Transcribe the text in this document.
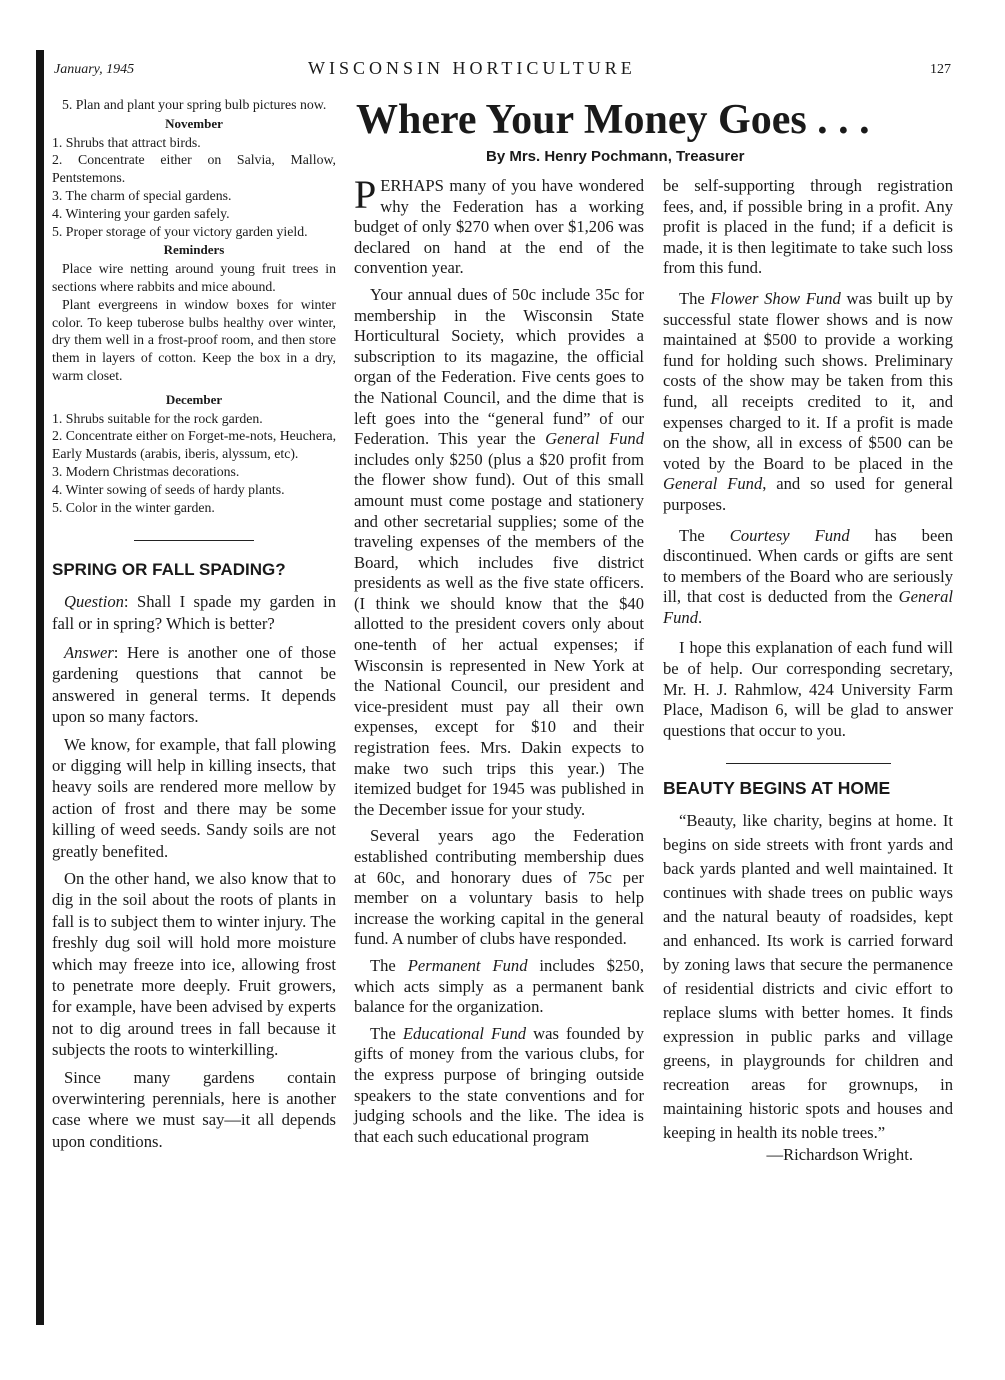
January, 1945	WISCONSIN HORTICULTURE	127

5. Plan and plant your spring bulb pictures now.

November

1. Shrubs that attract birds.

2. Concentrate either on Salvia, Mallow, Pentstemons.

3. The charm of special gardens.

4. Wintering your garden safely.

5. Proper storage of your victory garden yield.

Reminders

Place wire netting around young fruit trees in sections where rabbits and mice abound.

Plant evergreens in window boxes for winter color. To keep tuberose bulbs healthy over winter, dry them well in a frost-proof room, and then store them in layers of cotton. Keep the box in a dry, warm closet.

December

1. Shrubs suitable for the rock garden.

2. Concentrate either on Forget-me-nots, Heuchera, Early Mustards (arabis, iberis, alyssum, etc).

3. Modern Christmas decorations.

4. Winter sowing of seeds of hardy plants.

5. Color in the winter garden.

SPRING OR FALL SPADING?

Question: Shall I spade my garden in fall or in spring? Which is better?

Answer: Here is another one of those gardening questions that cannot be answered in general terms. It depends upon so many factors.

We know, for example, that fall plowing or digging will help in killing insects, that heavy soils are rendered more mellow by action of frost and there may be some killing of weed seeds. Sandy soils are not greatly benefited.

On the other hand, we also know that to dig in the soil about the roots of plants in fall is to subject them to winter injury. The freshly dug soil will hold more moisture which may freeze into ice, allowing frost to penetrate more deeply. Fruit growers, for example, have been advised by experts not to dig around trees in fall because it subjects the roots to winterkilling.

Since many gardens contain overwintering perennials, here is another case where we must say—it all depends upon conditions.

Where Your Money Goes . . .
By Mrs. Henry Pochmann, Treasurer

PERHAPS many of you have wondered why the Federation has a working budget of only $270 when over $1,206 was declared on hand at the end of the convention year.

Your annual dues of 50c include 35c for membership in the Wisconsin State Horticultural Society, which provides a subscription to its magazine, the official organ of the Federation. Five cents goes to the National Council, and the dime that is left goes into the “general fund” of our Federation. This year the General Fund includes only $250 (plus a $20 profit from the flower show fund). Out of this small amount must come postage and stationery and other secretarial supplies; some of the traveling expenses of the members of the Board, which includes five district presidents as well as the five state officers. (I think we should know that the $40 allotted to the president covers only about one-tenth of her actual expenses; if Wisconsin is represented in New York at the National Council, our president and vice-president must pay all their own expenses, except for $10 and their registration fees. Mrs. Dakin expects to make two such trips this year.) The itemized budget for 1945 was published in the December issue for your study.

Several years ago the Federation established contributing membership dues at 60c, and honorary dues of 75c per member on a voluntary basis to help increase the working capital in the general fund. A number of clubs have responded.

The Permanent Fund includes $250, which acts simply as a permanent bank balance for the organization.

The Educational Fund was founded by gifts of money from the various clubs, for the express purpose of bringing outside speakers to the state conventions and for judging schools and the like. The idea is that each such educational program

be self-supporting through registration fees, and, if possible bring in a profit. Any profit is placed in the fund; if a deficit is made, it is then legitimate to take such loss from this fund.

The Flower Show Fund was built up by successful state flower shows and is now maintained at $500 to provide a working fund for holding such shows. Preliminary costs of the show may be taken from this fund, all receipts credited to it, and expenses charged to it. If a profit is made on the show, all in excess of $500 can be voted by the Board to be placed in the General Fund, and so used for general purposes.

The Courtesy Fund has been discontinued. When cards or gifts are sent to members of the Board who are seriously ill, that cost is deducted from the General Fund.

I hope this explanation of each fund will be of help. Our corresponding secretary, Mr. H. J. Rahmlow, 424 University Farm Place, Madison 6, will be glad to answer questions that occur to you.

BEAUTY BEGINS AT HOME

“Beauty, like charity, begins at home. It begins on side streets with front yards and back yards planted and well maintained. It continues with shade trees on public ways and the natural beauty of roadsides, kept and enhanced. Its work is carried forward by zoning laws that secure the permanence of residential districts and civic effort to replace slums with better homes. It finds expression in public parks and village greens, in playgrounds for children and recreation areas for grownups, in maintaining historic spots and houses and keeping in health its noble trees.”

—Richardson Wright.
